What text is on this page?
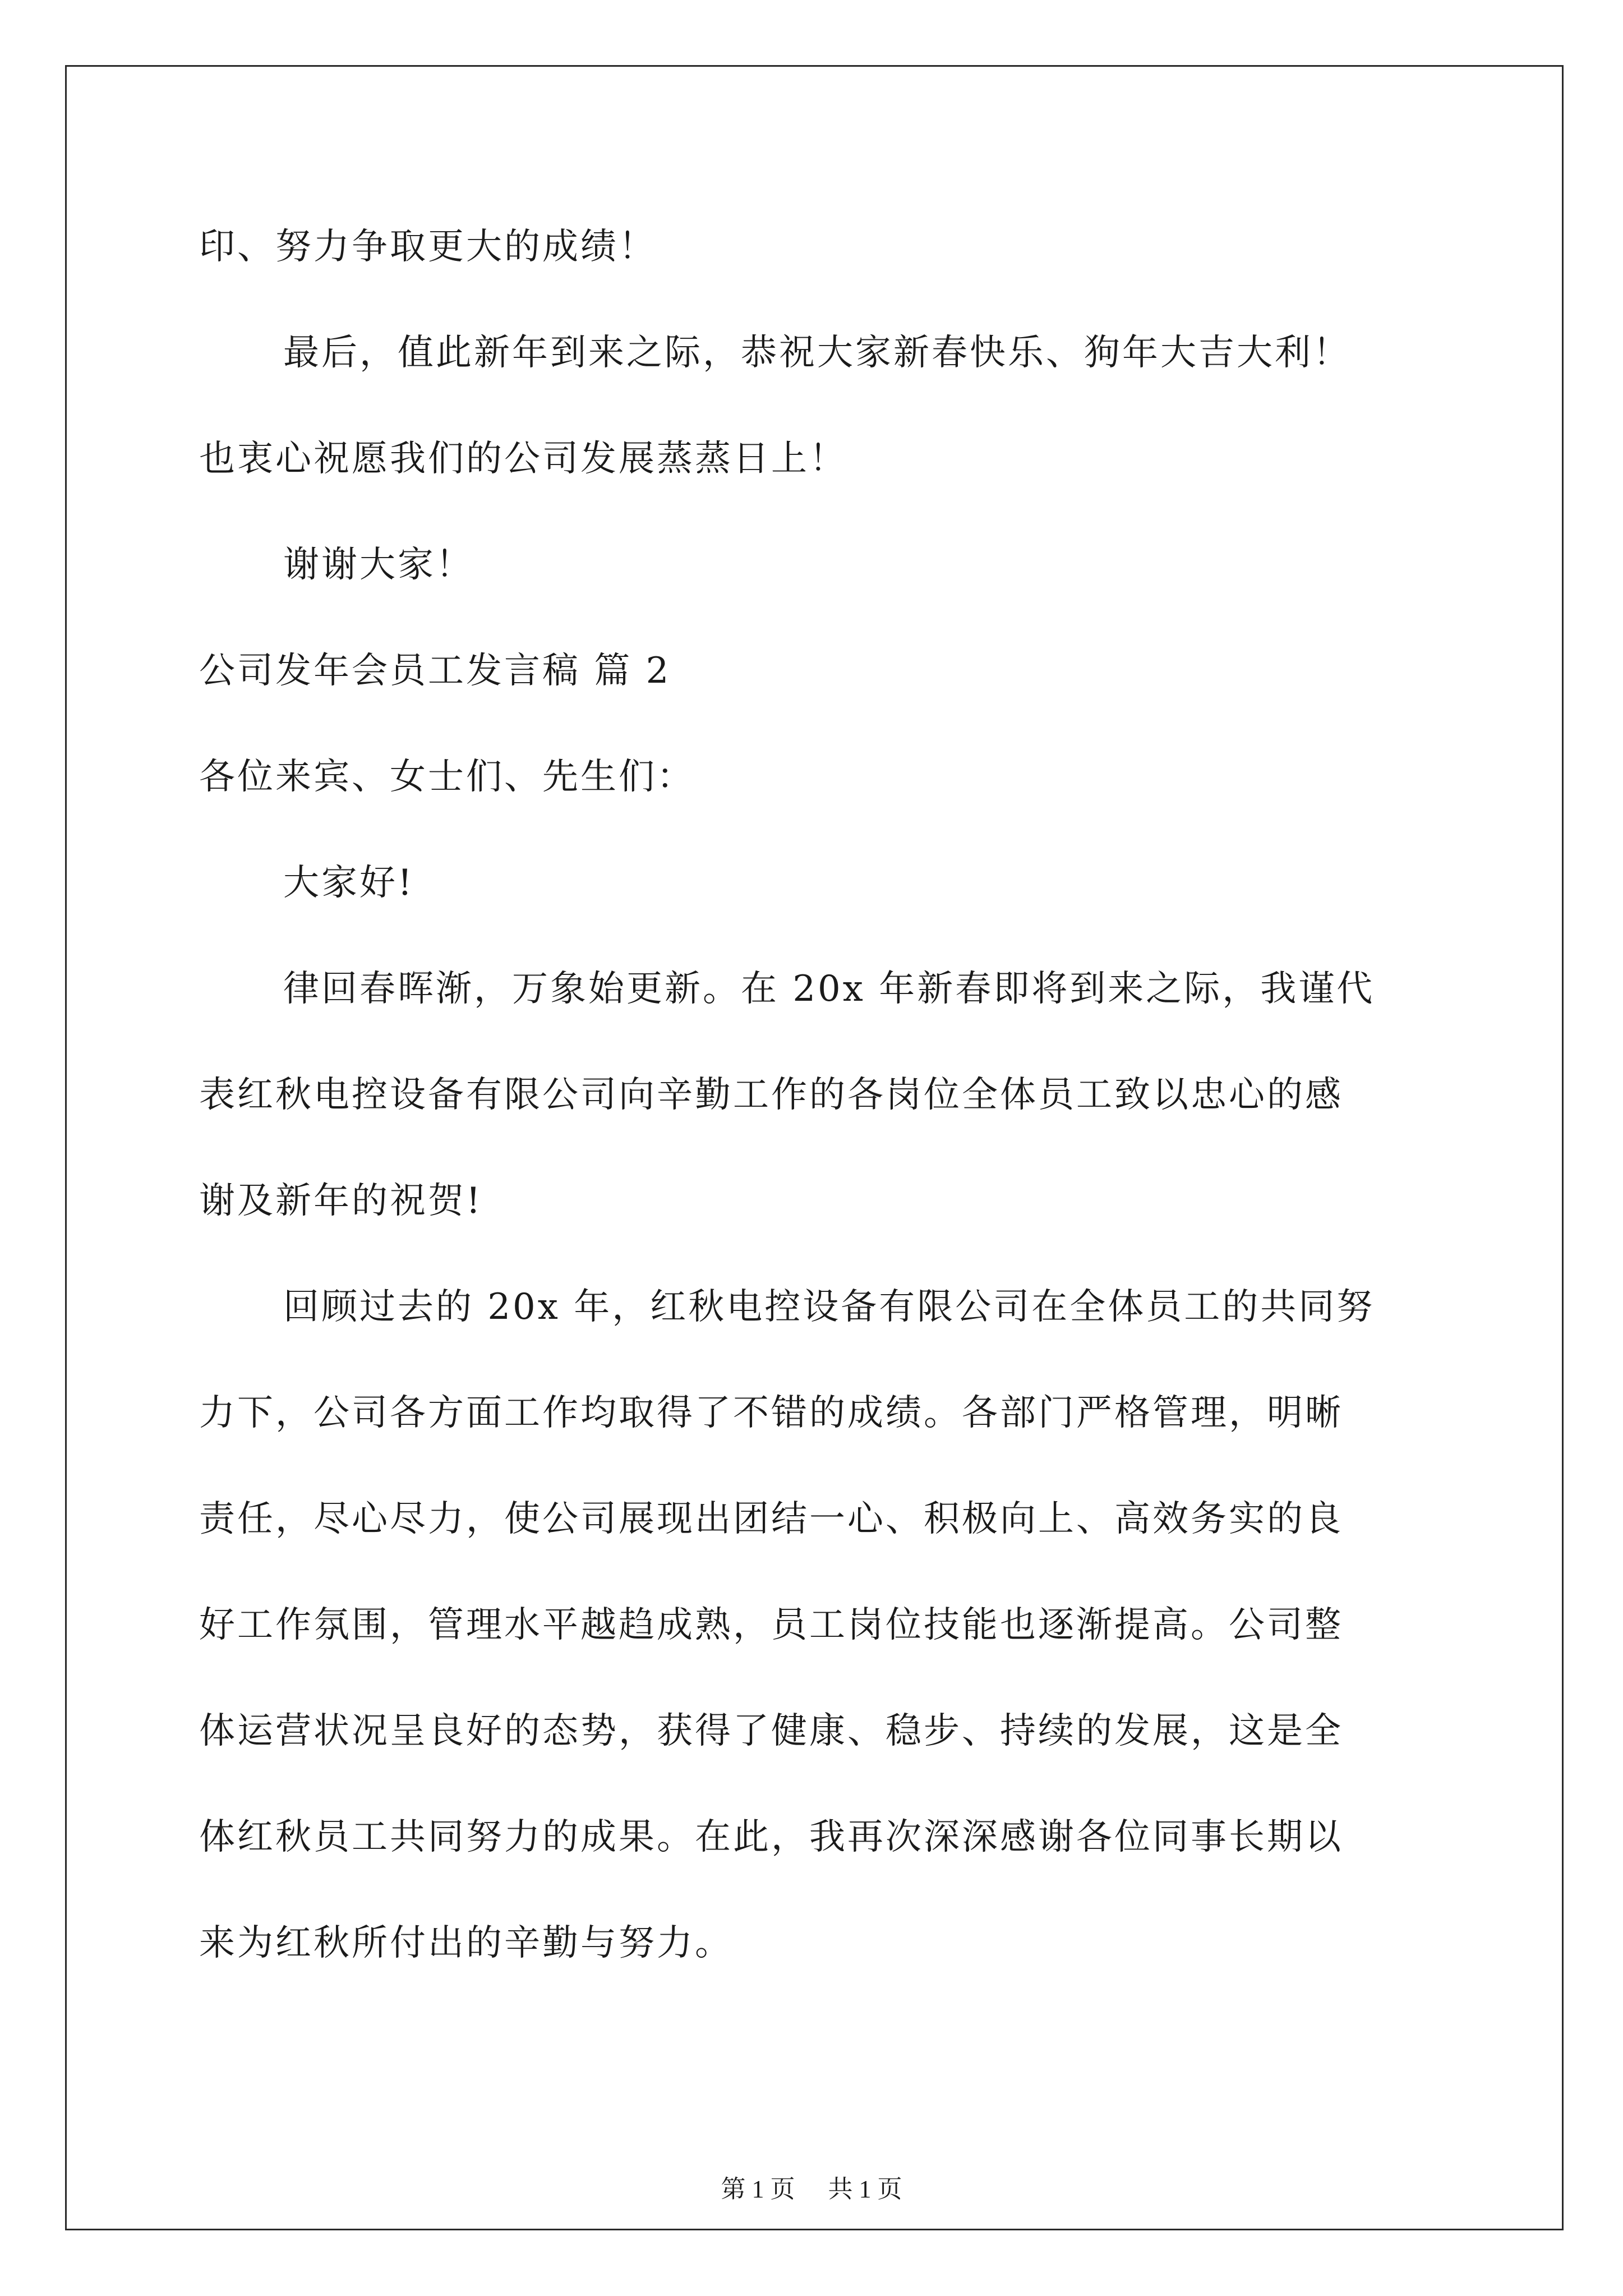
印、努力争取更大的成绩！
最后，值此新年到来之际，恭祝大家新春快乐、狗年大吉大利！
也衷心祝愿我们的公司发展蒸蒸日上！
谢谢大家！
公司发年会员工发言稿 篇 2
各位来宾、女士们、先生们：
大家好!
律回春晖渐，万象始更新。在 20x 年新春即将到来之际，我谨代
表红秋电控设备有限公司向辛勤工作的各岗位全体员工致以忠心的感
谢及新年的祝贺!
回顾过去的 20x 年，红秋电控设备有限公司在全体员工的共同努
力下，公司各方面工作均取得了不错的成绩。各部门严格管理，明晰
责任，尽心尽力，使公司展现出团结一心、积极向上、高效务实的良
好工作氛围，管理水平越趋成熟，员工岗位技能也逐渐提高。公司整
体运营状况呈良好的态势，获得了健康、稳步、持续的发展，这是全
体红秋员工共同努力的成果。在此，我再次深深感谢各位同事长期以
来为红秋所付出的辛勤与努力。
第 1 页 共 1 页
